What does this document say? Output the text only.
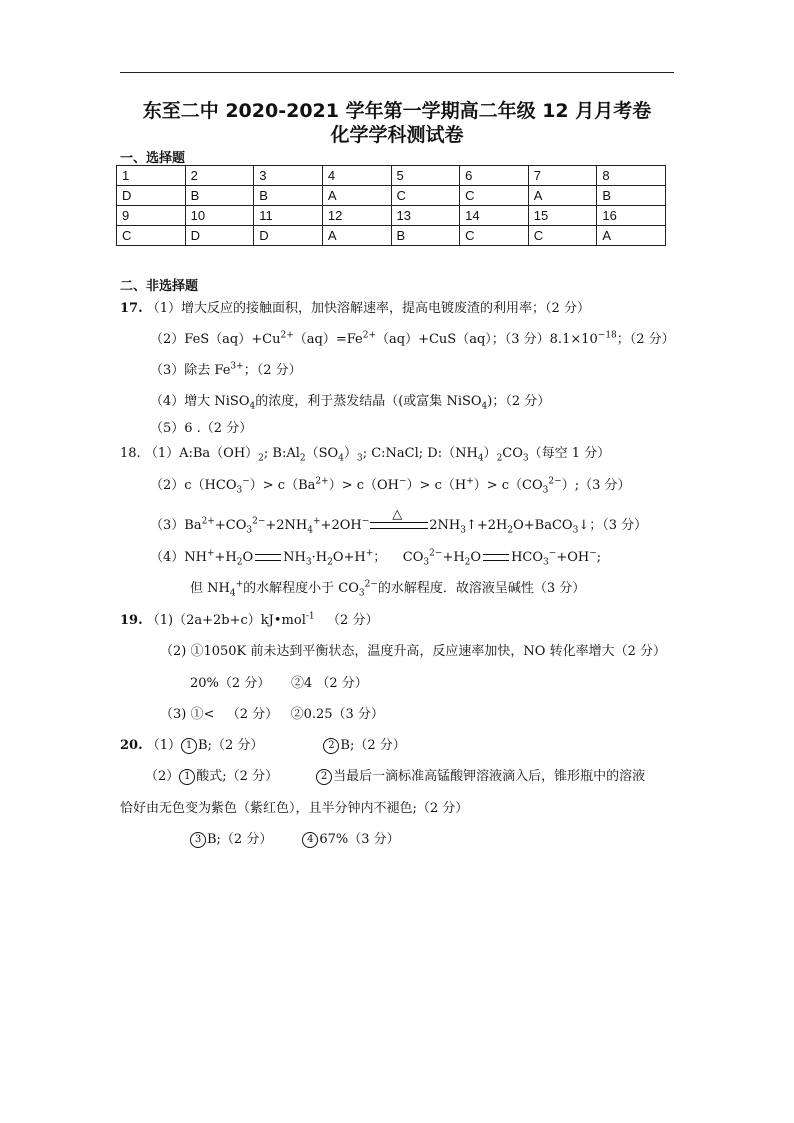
东至二中 2020-2021 学年第一学期高二年级 12 月月考卷
化学学科测试卷
一、选择题
1	2	3	4	5	6	7	8
D	B	B	A	C	C	A	B
9	10	11	12	13	14	15	16
C	D	D	A	B	C	C	A
二、非选择题
17. （1）增大反应的接触面积，加快溶解速率，提高电镀废渣的利用率；（2 分）
$(2)FeS(aq)+Cu^{2+}(aq)=Fe^{2+}(aq)+CuS(aq)$；（3 分）$8.1\times 10^{-18}$；（2 分）
（3）除去 $Fe^{3+}$；（2 分）
（4）增大 NiSO$_4$的浓度，利于蒸发结晶（(或富集 NiSO$_4$)；（2 分）
（5）6 .（2 分）
18. $(1)A:Ba(OH)_2$; $B:Al_2(SO_4)_3$; C:NaCl; $D:(NH_4)_2CO_3$（每空 1 分）
$(2)c(HCO_3^-)> c(Ba^{2+})> c(OH^-)> c(H^+)>$ $c(CO_3^{2-});(3$ 分）
$(3)Ba^{2+}+CO_3^{2-}+2NH_4^++2OH^-$ △
$2NH_3↑+2H_2O+BaCO_3↓$；（3 分）
$(4)NH^++H_2O$ $NH_3\cdot H_2O+H^+$；    $CO_3^{2-}+H_2O$ $HCO_3^-+OH^-$;
但 $NH_4^+$的水解程度小于 $CO_3^{2-}$的水解程度．故溶液呈碱性（3 分）
19. （1)（2a+2b+c）kJ•mol$^{-1}$   （2 分）
（2) ①1050K 前未达到平衡状态，温度升高，反应速率加快，NO 转化率增大（2 分）
20%（2 分）     ②4 （2 分）
（3) ①<   （2 分）   ②0.25（3 分）
20. （1） 1 B;（2 分）	2 B;（2 分）
（2） 1 酸式;（2 分）	2 当最后一滴标准高锰酸钾溶液滴入后，锥形瓶中的溶液
恰好由无色变为紫色（紫红色），且半分钟内不褪色;（2 分）
3 B;（2 分）	4 67%（3 分）
